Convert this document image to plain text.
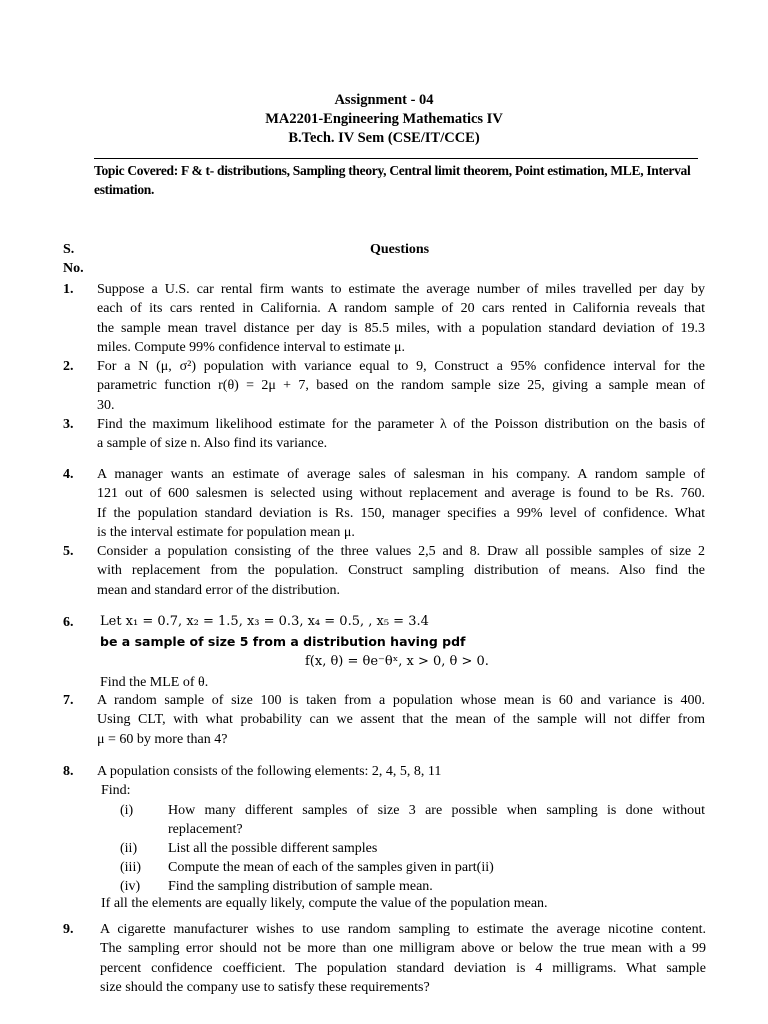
Assignment - 04
MA2201-Engineering Mathematics IV
B.Tech. IV Sem (CSE/IT/CCE)
Topic Covered: F & t- distributions, Sampling theory, Central limit theorem, Point estimation, MLE, Interval estimation.
S.
No.
Questions
1. Suppose a U.S. car rental firm wants to estimate the average number of miles travelled per day by
each of its cars rented in California. A random sample of 20 cars rented in California reveals that
the sample mean travel distance per day is 85.5 miles, with a population standard deviation of 19.3
miles. Compute 99% confidence interval to estimate μ.
2. For a N (μ, σ²) population with variance equal to 9, Construct a 95% confidence interval for the
parametric function r(θ) = 2μ + 7, based on the random sample size 25, giving a sample mean of
30.
3. Find the maximum likelihood estimate for the parameter λ of the Poisson distribution on the basis of
a sample of size n. Also find its variance.
4. A manager wants an estimate of average sales of salesman in his company. A random sample of
121 out of 600 salesmen is selected using without replacement and average is found to be Rs. 760.
If the population standard deviation is Rs. 150, manager specifies a 99% level of confidence. What
is the interval estimate for population mean μ.
5. Consider a population consisting of the three values 2,5 and 8. Draw all possible samples of size 2
with replacement from the population. Construct sampling distribution of means. Also find the
mean and standard error of the distribution.
6. Let x₁ = 0.7, x₂ = 1.5, x₃ = 0.3, x₄ = 0.5, , x₅ = 3.4
be a sample of size 5 from a distribution having pdf
f(x, θ) = θe⁻θˣ, x > 0, θ > 0.
Find the MLE of θ.
7. A random sample of size 100 is taken from a population whose mean is 60 and variance is 400.
Using CLT, with what probability can we assent that the mean of the sample will not differ from
μ = 60 by more than 4?
8. A population consists of the following elements: 2, 4, 5, 8, 11
Find:
(i) How many different samples of size 3 are possible when sampling is done without
replacement?
(ii) List all the possible different samples
(iii) Compute the mean of each of the samples given in part(ii)
(iv) Find the sampling distribution of sample mean.
If all the elements are equally likely, compute the value of the population mean.
9. A cigarette manufacturer wishes to use random sampling to estimate the average nicotine content.
The sampling error should not be more than one milligram above or below the true mean with a 99
percent confidence coefficient. The population standard deviation is 4 milligrams. What sample
size should the company use to satisfy these requirements?
